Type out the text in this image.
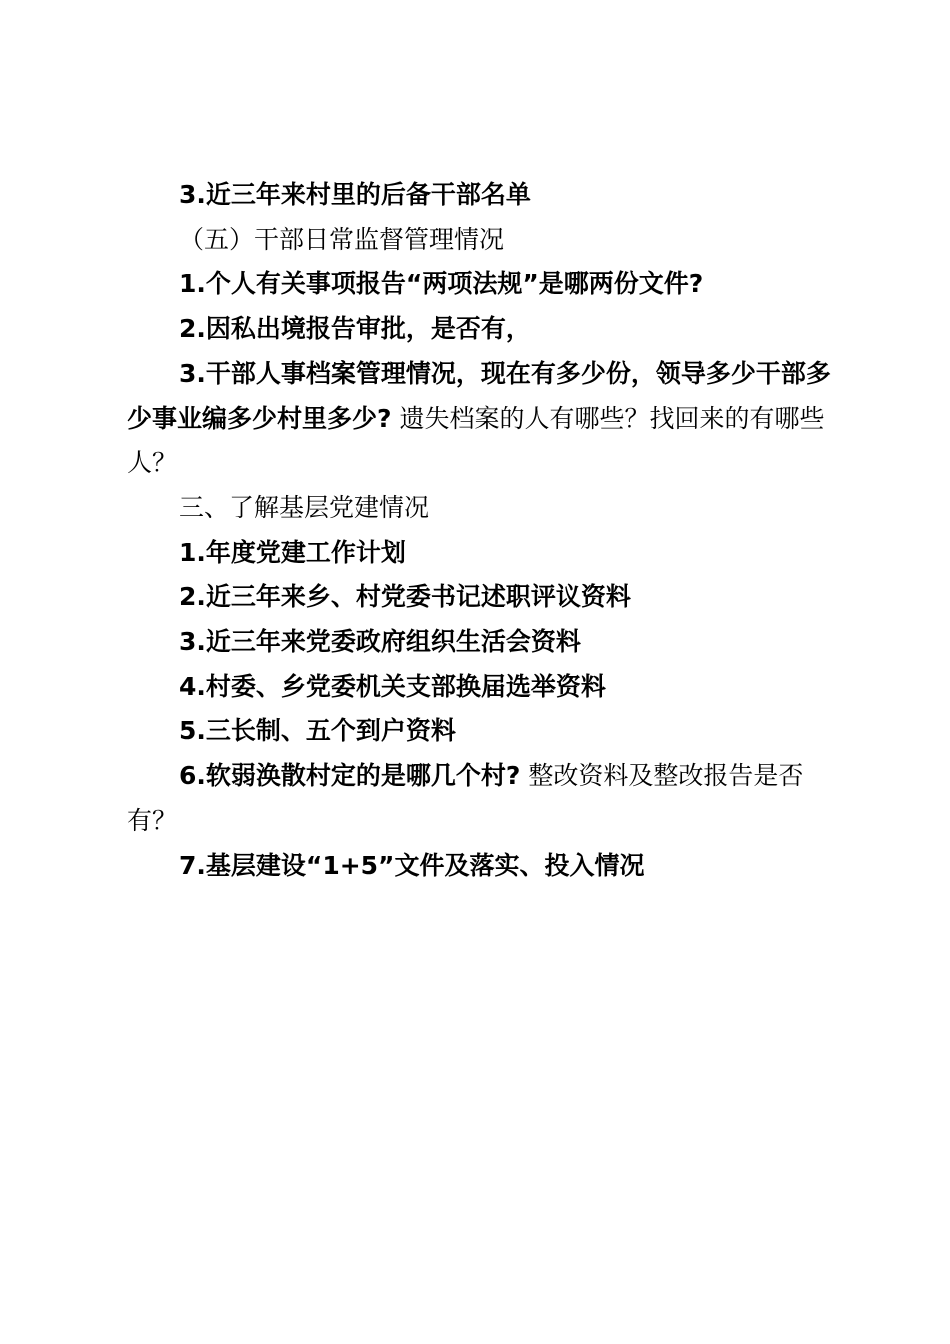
3.近三年来村里的后备干部名单

（五）干部日常监督管理情况

1.个人有关事项报告“两项法规”是哪两份文件?

2.因私出境报告审批，是否有，

3.干部人事档案管理情况，现在有多少份，领导多少干部多少事业编多少村里多少? 遗失档案的人有哪些？找回来的有哪些人？

三、了解基层党建情况

1.年度党建工作计划

2.近三年来乡、村党委书记述职评议资料

3.近三年来党委政府组织生活会资料

4.村委、乡党委机关支部换届选举资料

5.三长制、五个到户资料

6.软弱涣散村定的是哪几个村? 整改资料及整改报告是否有？

7.基层建设“1+5”文件及落实、投入情况
